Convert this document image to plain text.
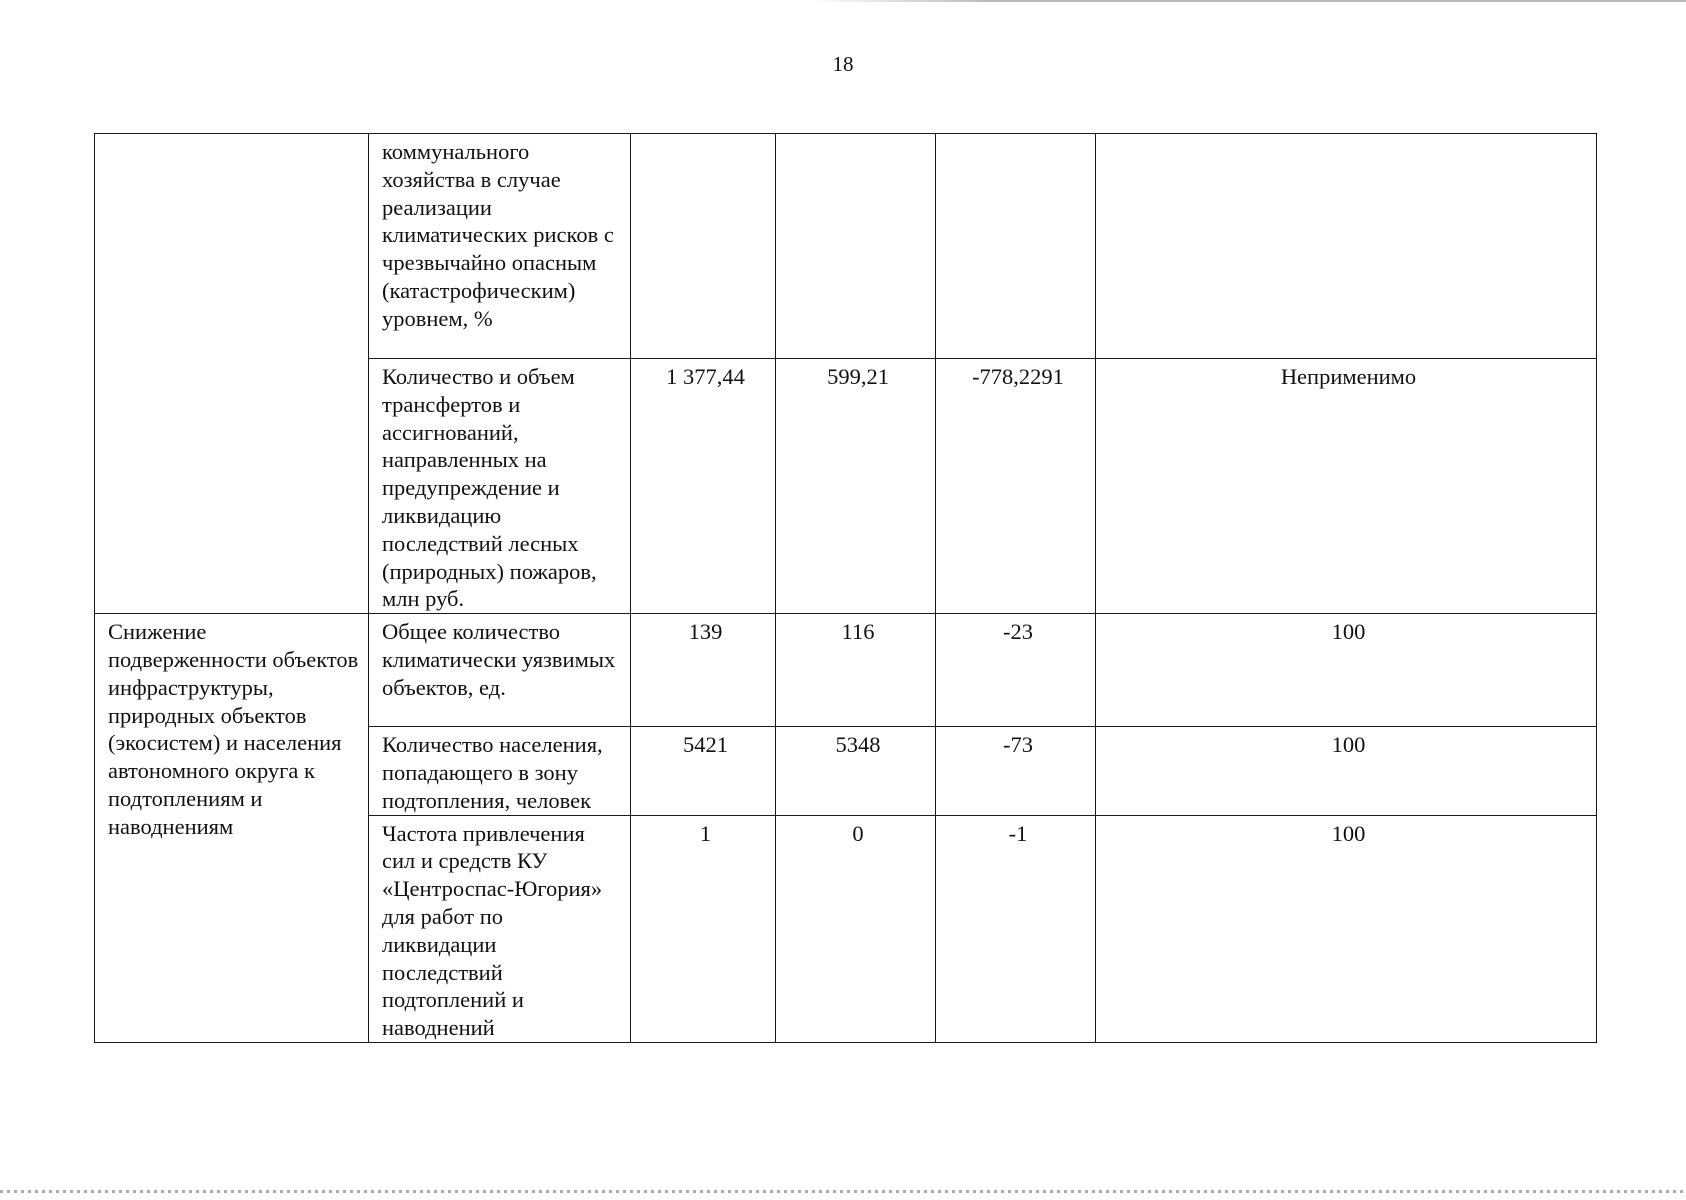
18
	коммунального хозяйства в случае реализации климатических рисков с чрезвычайно опасным (катастрофическим) уровнем, %				
	Количество и объем трансфертов и ассигнований, направленных на предупреждение и ликвидацию последствий лесных (природных) пожаров, млн руб.	1 377,44	599,21	-778,2291	Неприменимо
Снижение подверженности объектов инфраструктуры, природных объектов (экосистем) и населения автономного округа к подтоплениям и наводнениям	Общее количество климатически уязвимых объектов, ед.	139	116	-23	100
	Количество населения, попадающего в зону подтопления, человек	5421	5348	-73	100
	Частота привлечения сил и средств КУ «Центроспас-Югория» для работ по ликвидации последствий подтоплений и наводнений	1	0	-1	100
